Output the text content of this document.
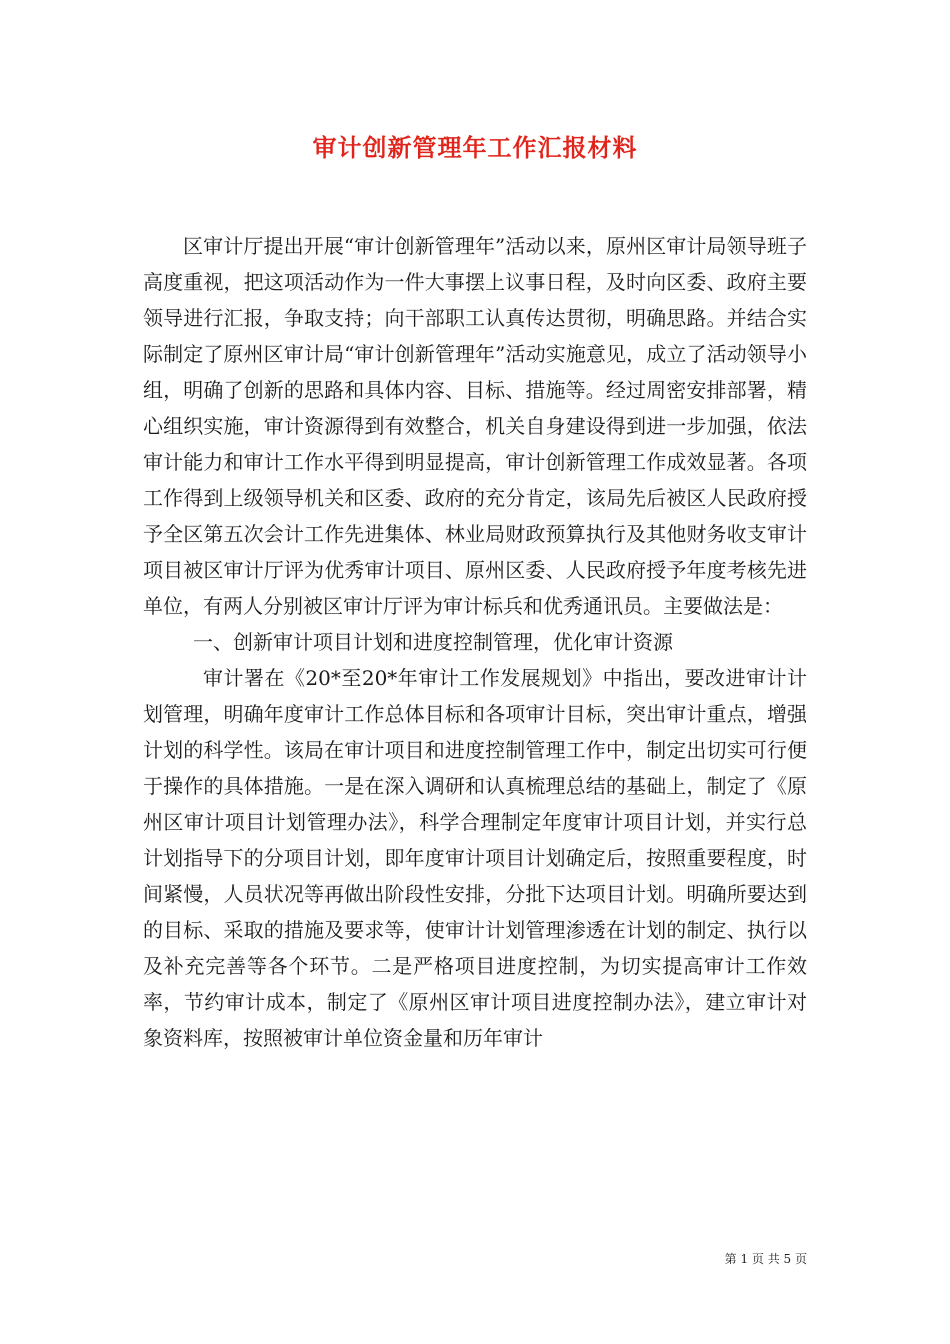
审计创新管理年工作汇报材料

区审计厅提出开展“审计创新管理年”活动以来，原州区审计局领导班子高度重视，把这项活动作为一件大事摆上议事日程，及时向区委、政府主要领导进行汇报，争取支持；向干部职工认真传达贯彻，明确思路。并结合实际制定了原州区审计局“审计创新管理年”活动实施意见，成立了活动领导小组，明确了创新的思路和具体内容、目标、措施等。经过周密安排部署，精心组织实施，审计资源得到有效整合，机关自身建设得到进一步加强，依法审计能力和审计工作水平得到明显提高，审计创新管理工作成效显著。各项工作得到上级领导机关和区委、政府的充分肯定，该局先后被区人民政府授予全区第五次会计工作先进集体、林业局财政预算执行及其他财务收支审计项目被区审计厅评为优秀审计项目、原州区委、人民政府授予年度考核先进单位，有两人分别被区审计厅评为审计标兵和优秀通讯员。主要做法是：

一、创新审计项目计划和进度控制管理，优化审计资源

审计署在《20*至20*年审计工作发展规划》中指出，要改进审计计划管理，明确年度审计工作总体目标和各项审计目标，突出审计重点，增强计划的科学性。该局在审计项目和进度控制管理工作中，制定出切实可行便于操作的具体措施。一是在深入调研和认真梳理总结的基础上，制定了《原州区审计项目计划管理办法》，科学合理制定年度审计项目计划，并实行总计划指导下的分项目计划，即年度审计项目计划确定后，按照重要程度，时间紧慢，人员状况等再做出阶段性安排，分批下达项目计划。明确所要达到的目标、采取的措施及要求等，使审计计划管理渗透在计划的制定、执行以及补充完善等各个环节。二是严格项目进度控制，为切实提高审计工作效率，节约审计成本，制定了《原州区审计项目进度控制办法》，建立审计对象资料库，按照被审计单位资金量和历年审计

第 1 页 共 5 页
